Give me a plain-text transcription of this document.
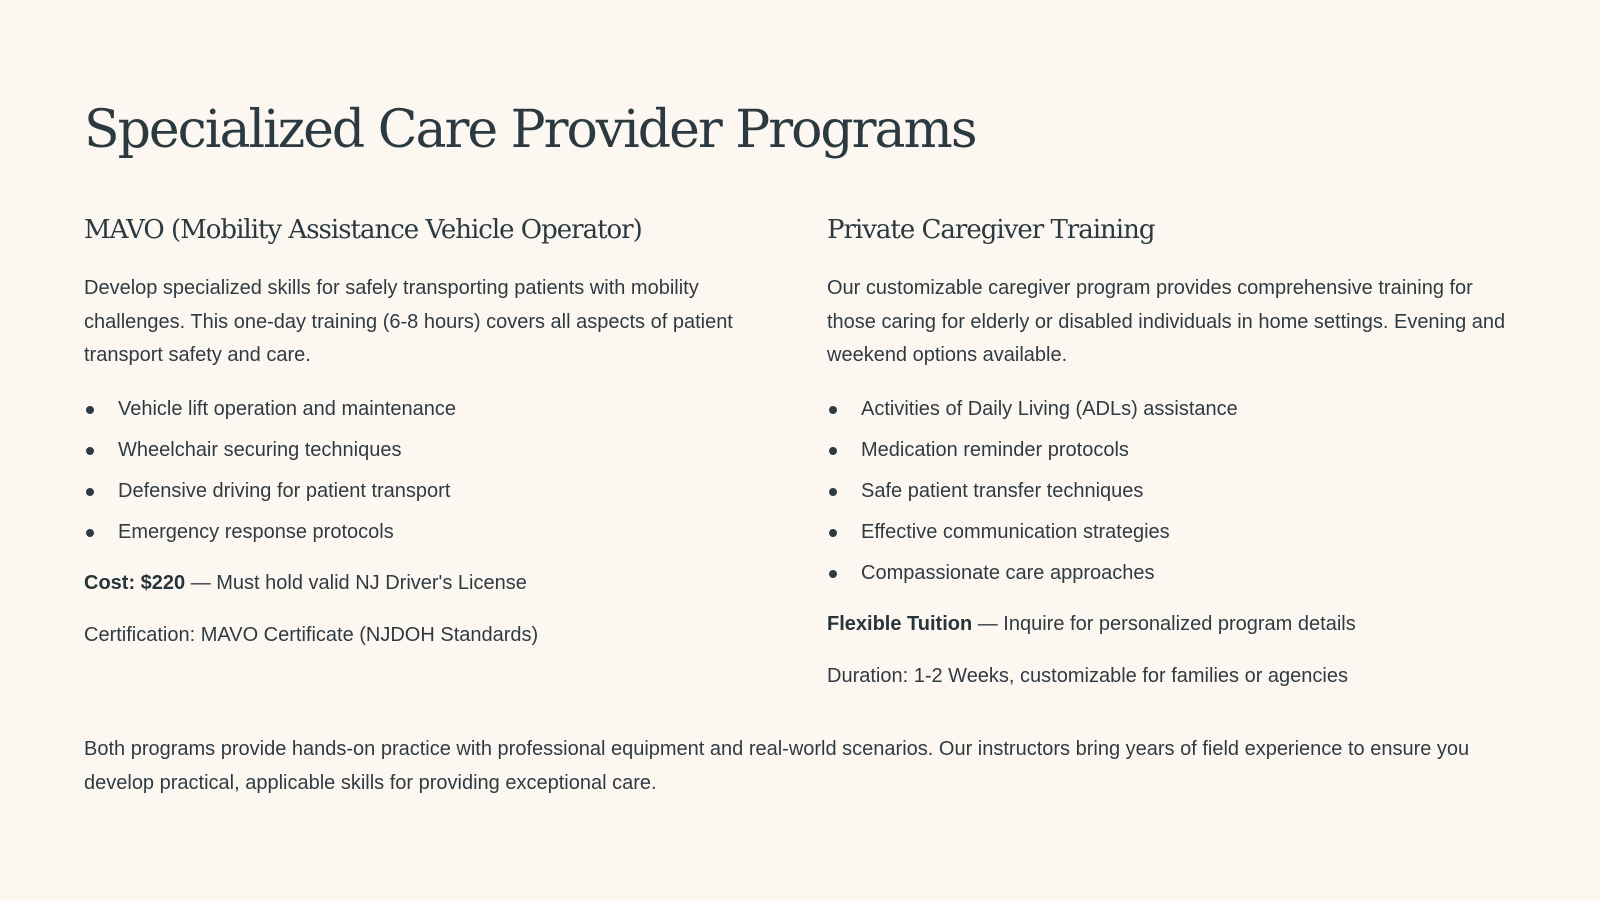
Specialized Care Provider Programs
MAVO (Mobility Assistance Vehicle Operator)

Develop specialized skills for safely transporting patients with mobility challenges. This one-day training (6-8 hours) covers all aspects of patient transport safety and care.

Vehicle lift operation and maintenance
Wheelchair securing techniques
Defensive driving for patient transport
Emergency response protocols

Cost: $220 — Must hold valid NJ Driver's License

Certification: MAVO Certificate (NJDOH Standards)

Private Caregiver Training

Our customizable caregiver program provides comprehensive training for those caring for elderly or disabled individuals in home settings. Evening and weekend options available.

Activities of Daily Living (ADLs) assistance
Medication reminder protocols
Safe patient transfer techniques
Effective communication strategies
Compassionate care approaches

Flexible Tuition — Inquire for personalized program details

Duration: 1-2 Weeks, customizable for families or agencies

Both programs provide hands-on practice with professional equipment and real-world scenarios. Our instructors bring years of field experience to ensure you develop practical, applicable skills for providing exceptional care.
